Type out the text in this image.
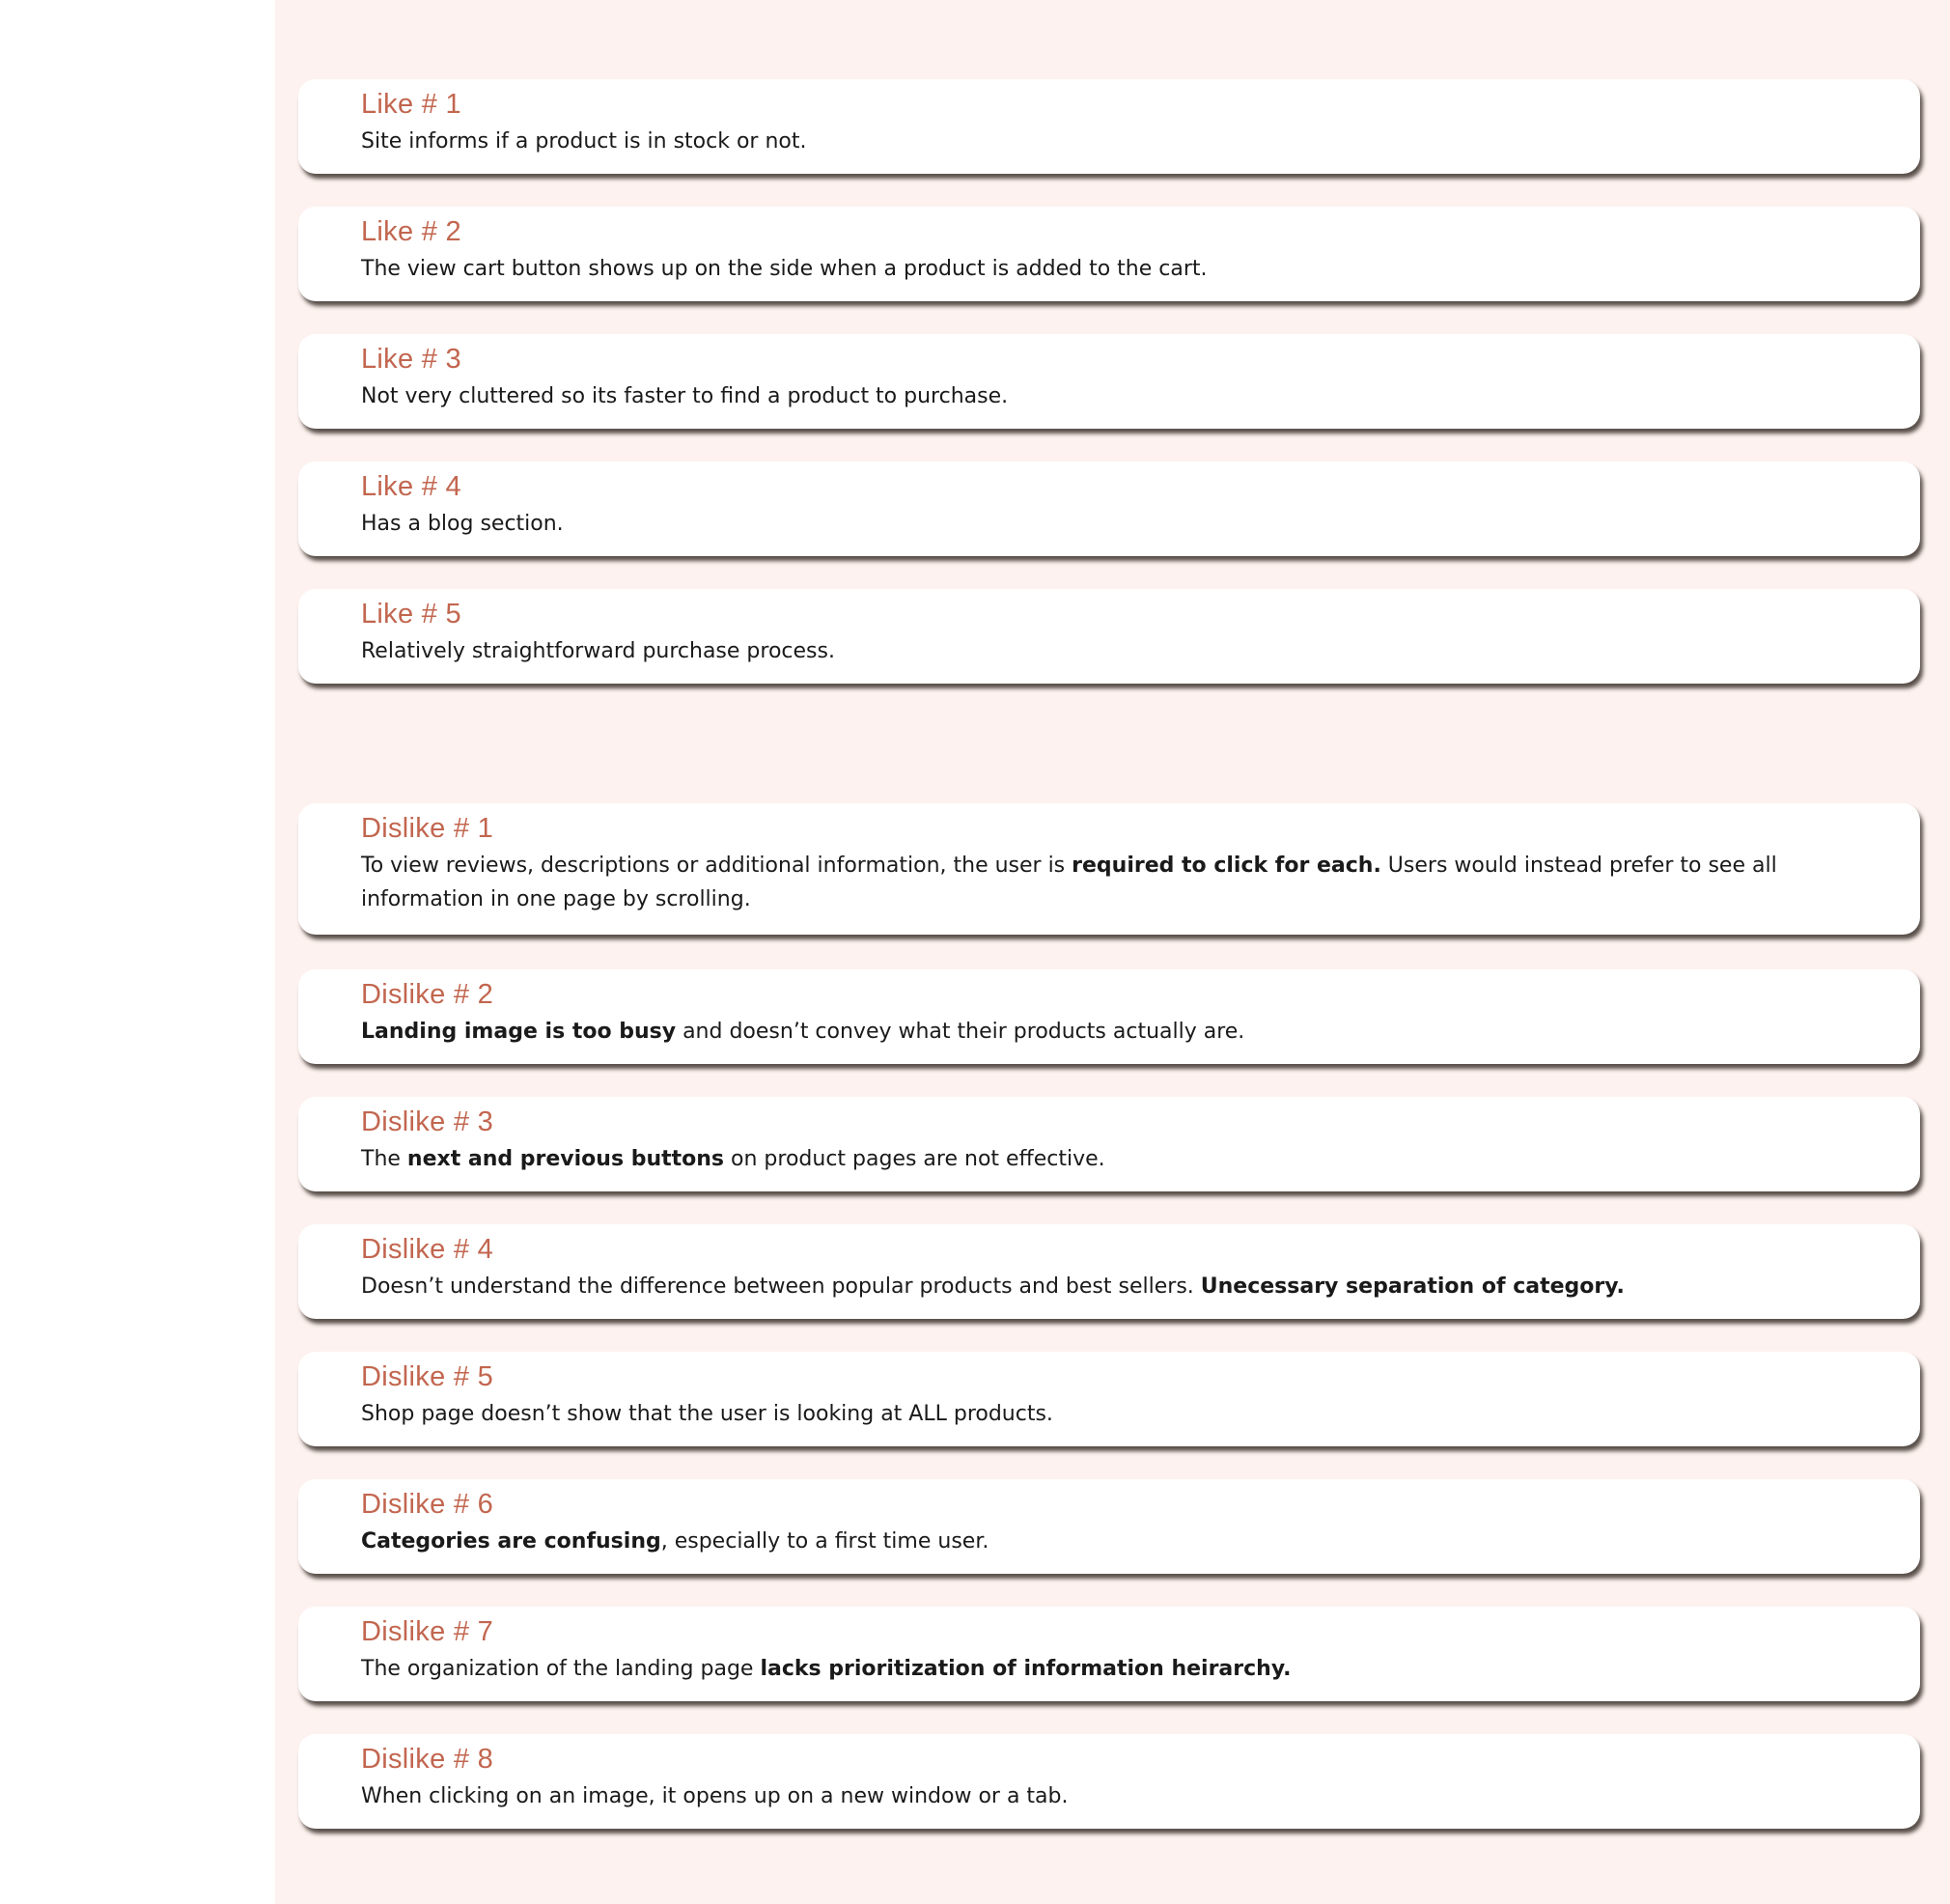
Like # 1
Site informs if a product is in stock or not.
Like # 2
The view cart button shows up on the side when a product is added to the cart.
Like # 3
Not very cluttered so its faster to find a product to purchase.
Like # 4
Has a blog section.
Like # 5
Relatively straightforward purchase process.
Dislike # 1
To view reviews, descriptions or additional information, the user is required to click for each. Users would instead prefer to see all information in one page by scrolling.
Dislike # 2
Landing image is too busy and doesn’t convey what their products actually are.
Dislike # 3
The next and previous buttons on product pages are not effective.
Dislike # 4
Doesn’t understand the difference between popular products and best sellers. Unecessary separation of category.
Dislike # 5
Shop page doesn’t show that the user is looking at ALL products.
Dislike # 6
Categories are confusing, especially to a first time user.
Dislike # 7
The organization of the landing page lacks prioritization of information heirarchy.
Dislike # 8
When clicking on an image, it opens up on a new window or a tab.
